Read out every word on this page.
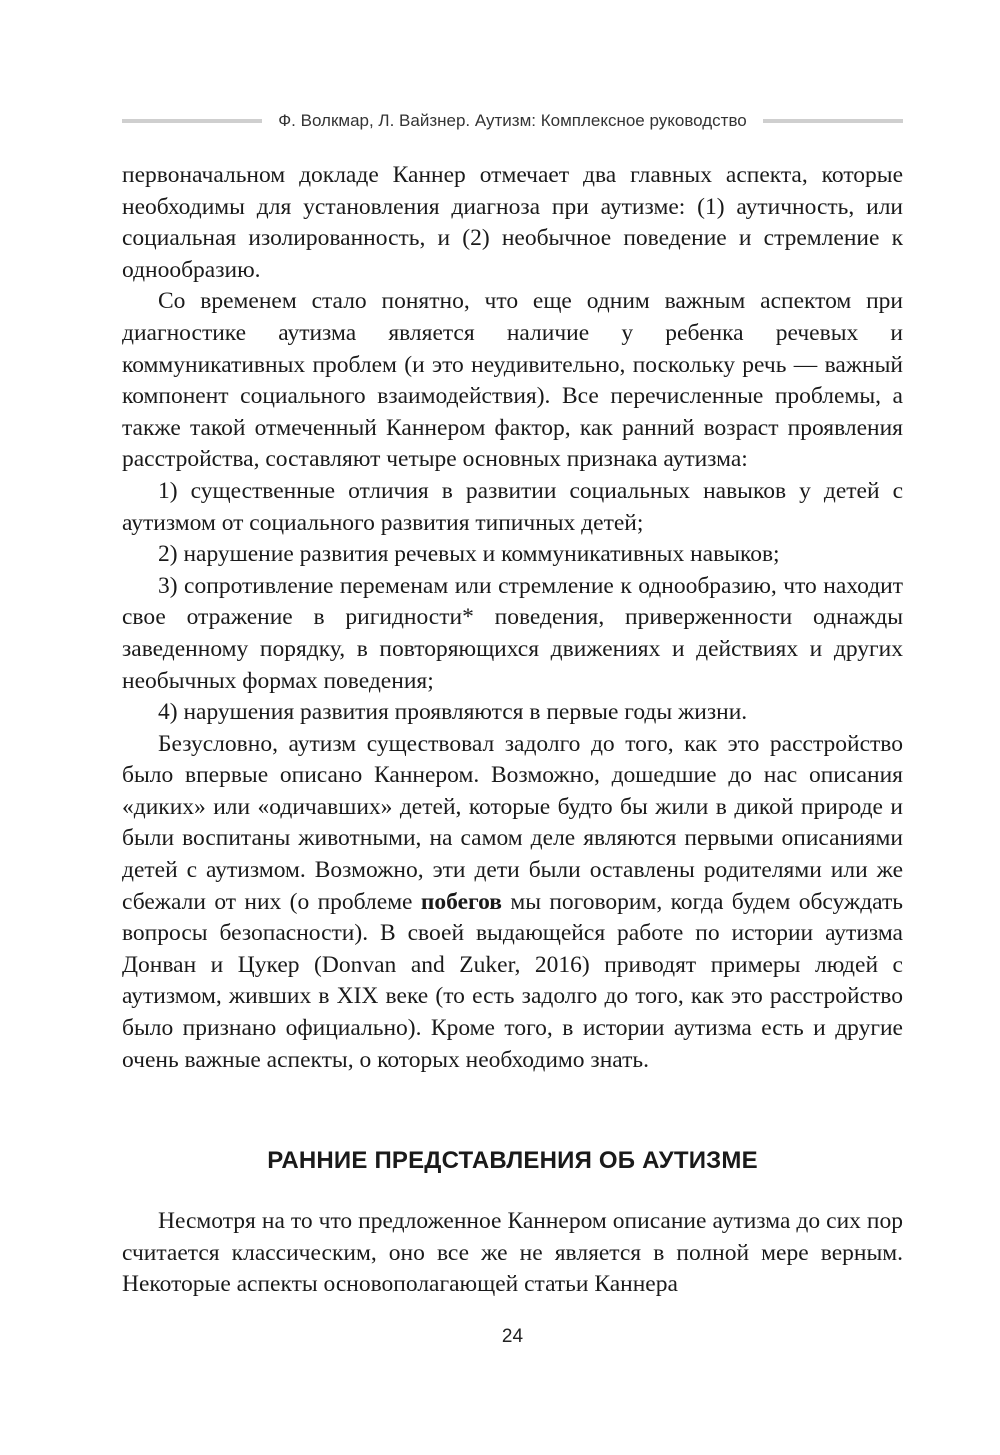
Ф. Волкмар, Л. Вайзнер. Аутизм: Комплексное руководство

первоначальном докладе Каннер отмечает два главных аспекта, которые необходимы для установления диагноза при аутизме: (1) аутичность, или социальная изолированность, и (2) необычное поведение и стремление к однообразию.

Со временем стало понятно, что еще одним важным аспектом при диагностике аутизма является наличие у ребенка речевых и коммуникативных проблем (и это неудивительно, поскольку речь — важный компонент социального взаимодействия). Все перечисленные проблемы, а также такой отмеченный Каннером фактор, как ранний возраст проявления расстройства, составляют четыре основных признака аутизма:

1) существенные отличия в развитии социальных навыков у детей с аутизмом от социального развития типичных детей;

2) нарушение развития речевых и коммуникативных навыков;

3) сопротивление переменам или стремление к однообразию, что находит свое отражение в ригидности* поведения, приверженности однажды заведенному порядку, в повторяющихся движениях и действиях и других необычных формах поведения;

4) нарушения развития проявляются в первые годы жизни.

Безусловно, аутизм существовал задолго до того, как это расстройство было впервые описано Каннером. Возможно, дошедшие до нас описания «диких» или «одичавших» детей, которые будто бы жили в дикой природе и были воспитаны животными, на самом деле являются первыми описаниями детей с аутизмом. Возможно, эти дети были оставлены родителями или же сбежали от них (о проблеме побегов мы поговорим, когда будем обсуждать вопросы безопасности). В своей выдающейся работе по истории аутизма Донван и Цукер (Donvan and Zuker, 2016) приводят примеры людей с аутизмом, живших в XIX веке (то есть задолго до того, как это расстройство было признано официально). Кроме того, в истории аутизма есть и другие очень важные аспекты, о которых необходимо знать.

РАННИЕ ПРЕДСТАВЛЕНИЯ ОБ АУТИЗМЕ

Несмотря на то что предложенное Каннером описание аутизма до сих пор считается классическим, оно все же не является в полной мере верным. Некоторые аспекты основополагающей статьи Каннера

24
